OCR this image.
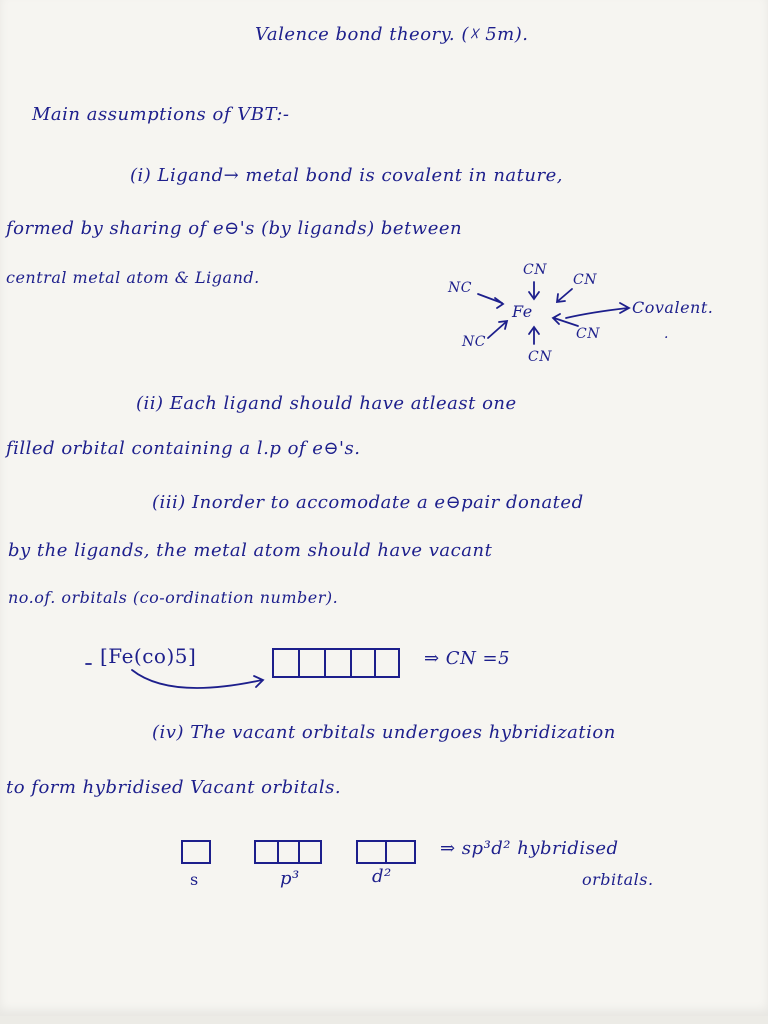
Valence bond theory. (☓ 5m).
Main assumptions of VBT:-
(i) Ligand→ metal bond is covalent in nature,
formed by sharing of e⊖'s (by ligands) between
central metal atom & Ligand.	CN
CN
NC
Fe
NC	CN
CN
Covalent.
·
(ii) Each ligand should have atleast one
filled orbital containing a l.p of e⊖'s.
(iii) Inorder to accomodate a e⊖pair donated
by the ligands, the metal atom should have vacant
no.of. orbitals (co-ordination number).
[Fe(co)5]	⇒ CN =5
(iv) The vacant orbitals undergoes hybridization
to form hybridised Vacant orbitals.
s	p³	d²
⇒ sp³d² hybridised
orbitals.
